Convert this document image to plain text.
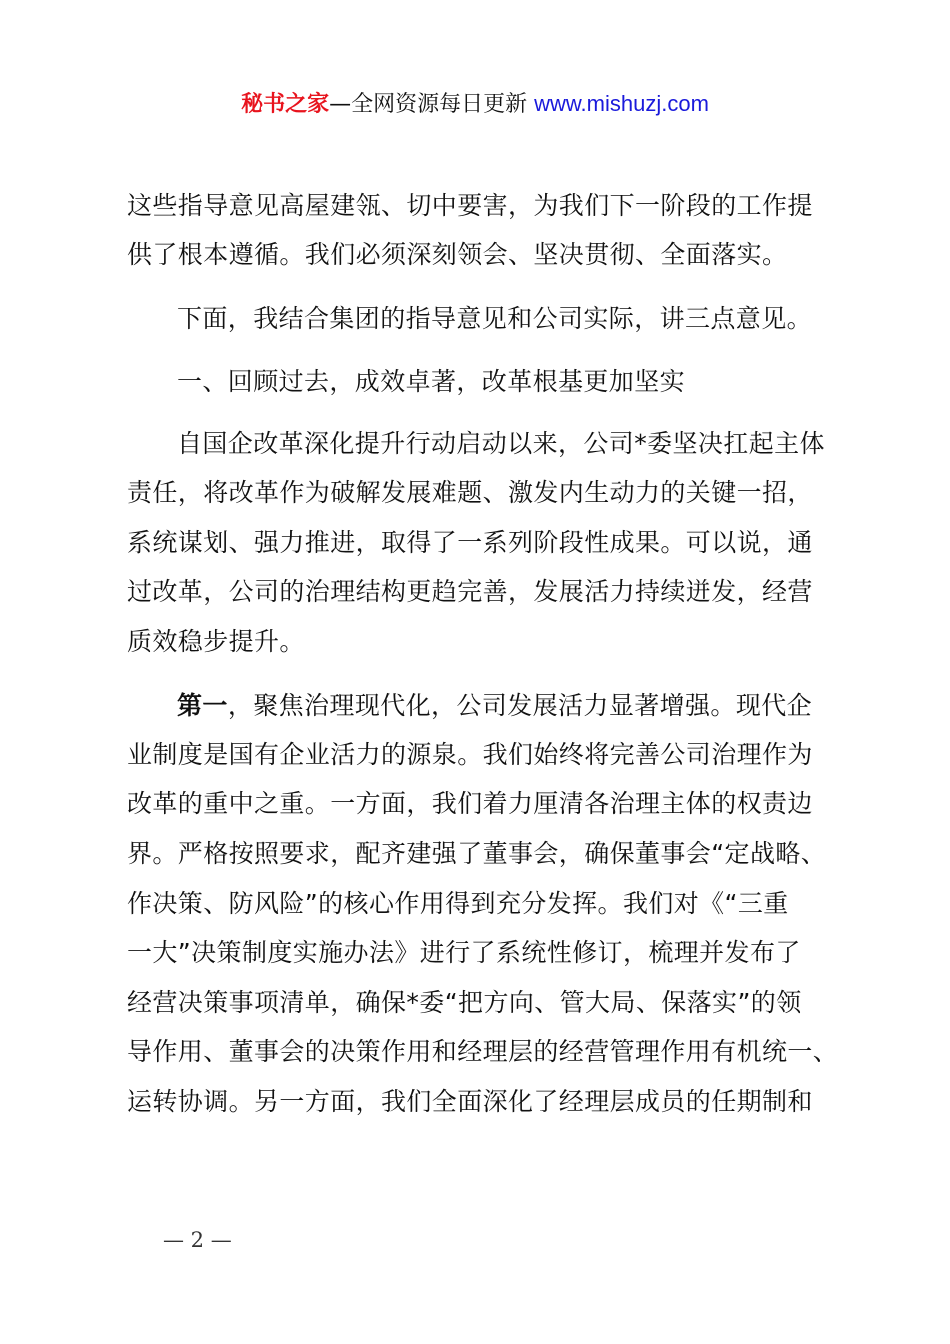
秘书之家—全网资源每日更新 www.mishuzj.com
这些指导意见高屋建瓴、切中要害，为我们下一阶段的工作提
供了根本遵循。我们必须深刻领会、坚决贯彻、全面落实。
下面，我结合集团的指导意见和公司实际，讲三点意见。
一、回顾过去，成效卓著，改革根基更加坚实
自国企改革深化提升行动启动以来，公司*委坚决扛起主体
责任，将改革作为破解发展难题、激发内生动力的关键一招，
系统谋划、强力推进，取得了一系列阶段性成果。可以说，通
过改革，公司的治理结构更趋完善，发展活力持续迸发，经营
质效稳步提升。
第一，聚焦治理现代化，公司发展活力显著增强。现代企
业制度是国有企业活力的源泉。我们始终将完善公司治理作为
改革的重中之重。一方面，我们着力厘清各治理主体的权责边
界。严格按照要求，配齐建强了董事会，确保董事会“定战略、
作决策、防风险”的核心作用得到充分发挥。我们对《“三重
一大”决策制度实施办法》进行了系统性修订，梳理并发布了
经营决策事项清单，确保*委“把方向、管大局、保落实”的领
导作用、董事会的决策作用和经理层的经营管理作用有机统一、
运转协调。另一方面，我们全面深化了经理层成员的任期制和
— 2 —
